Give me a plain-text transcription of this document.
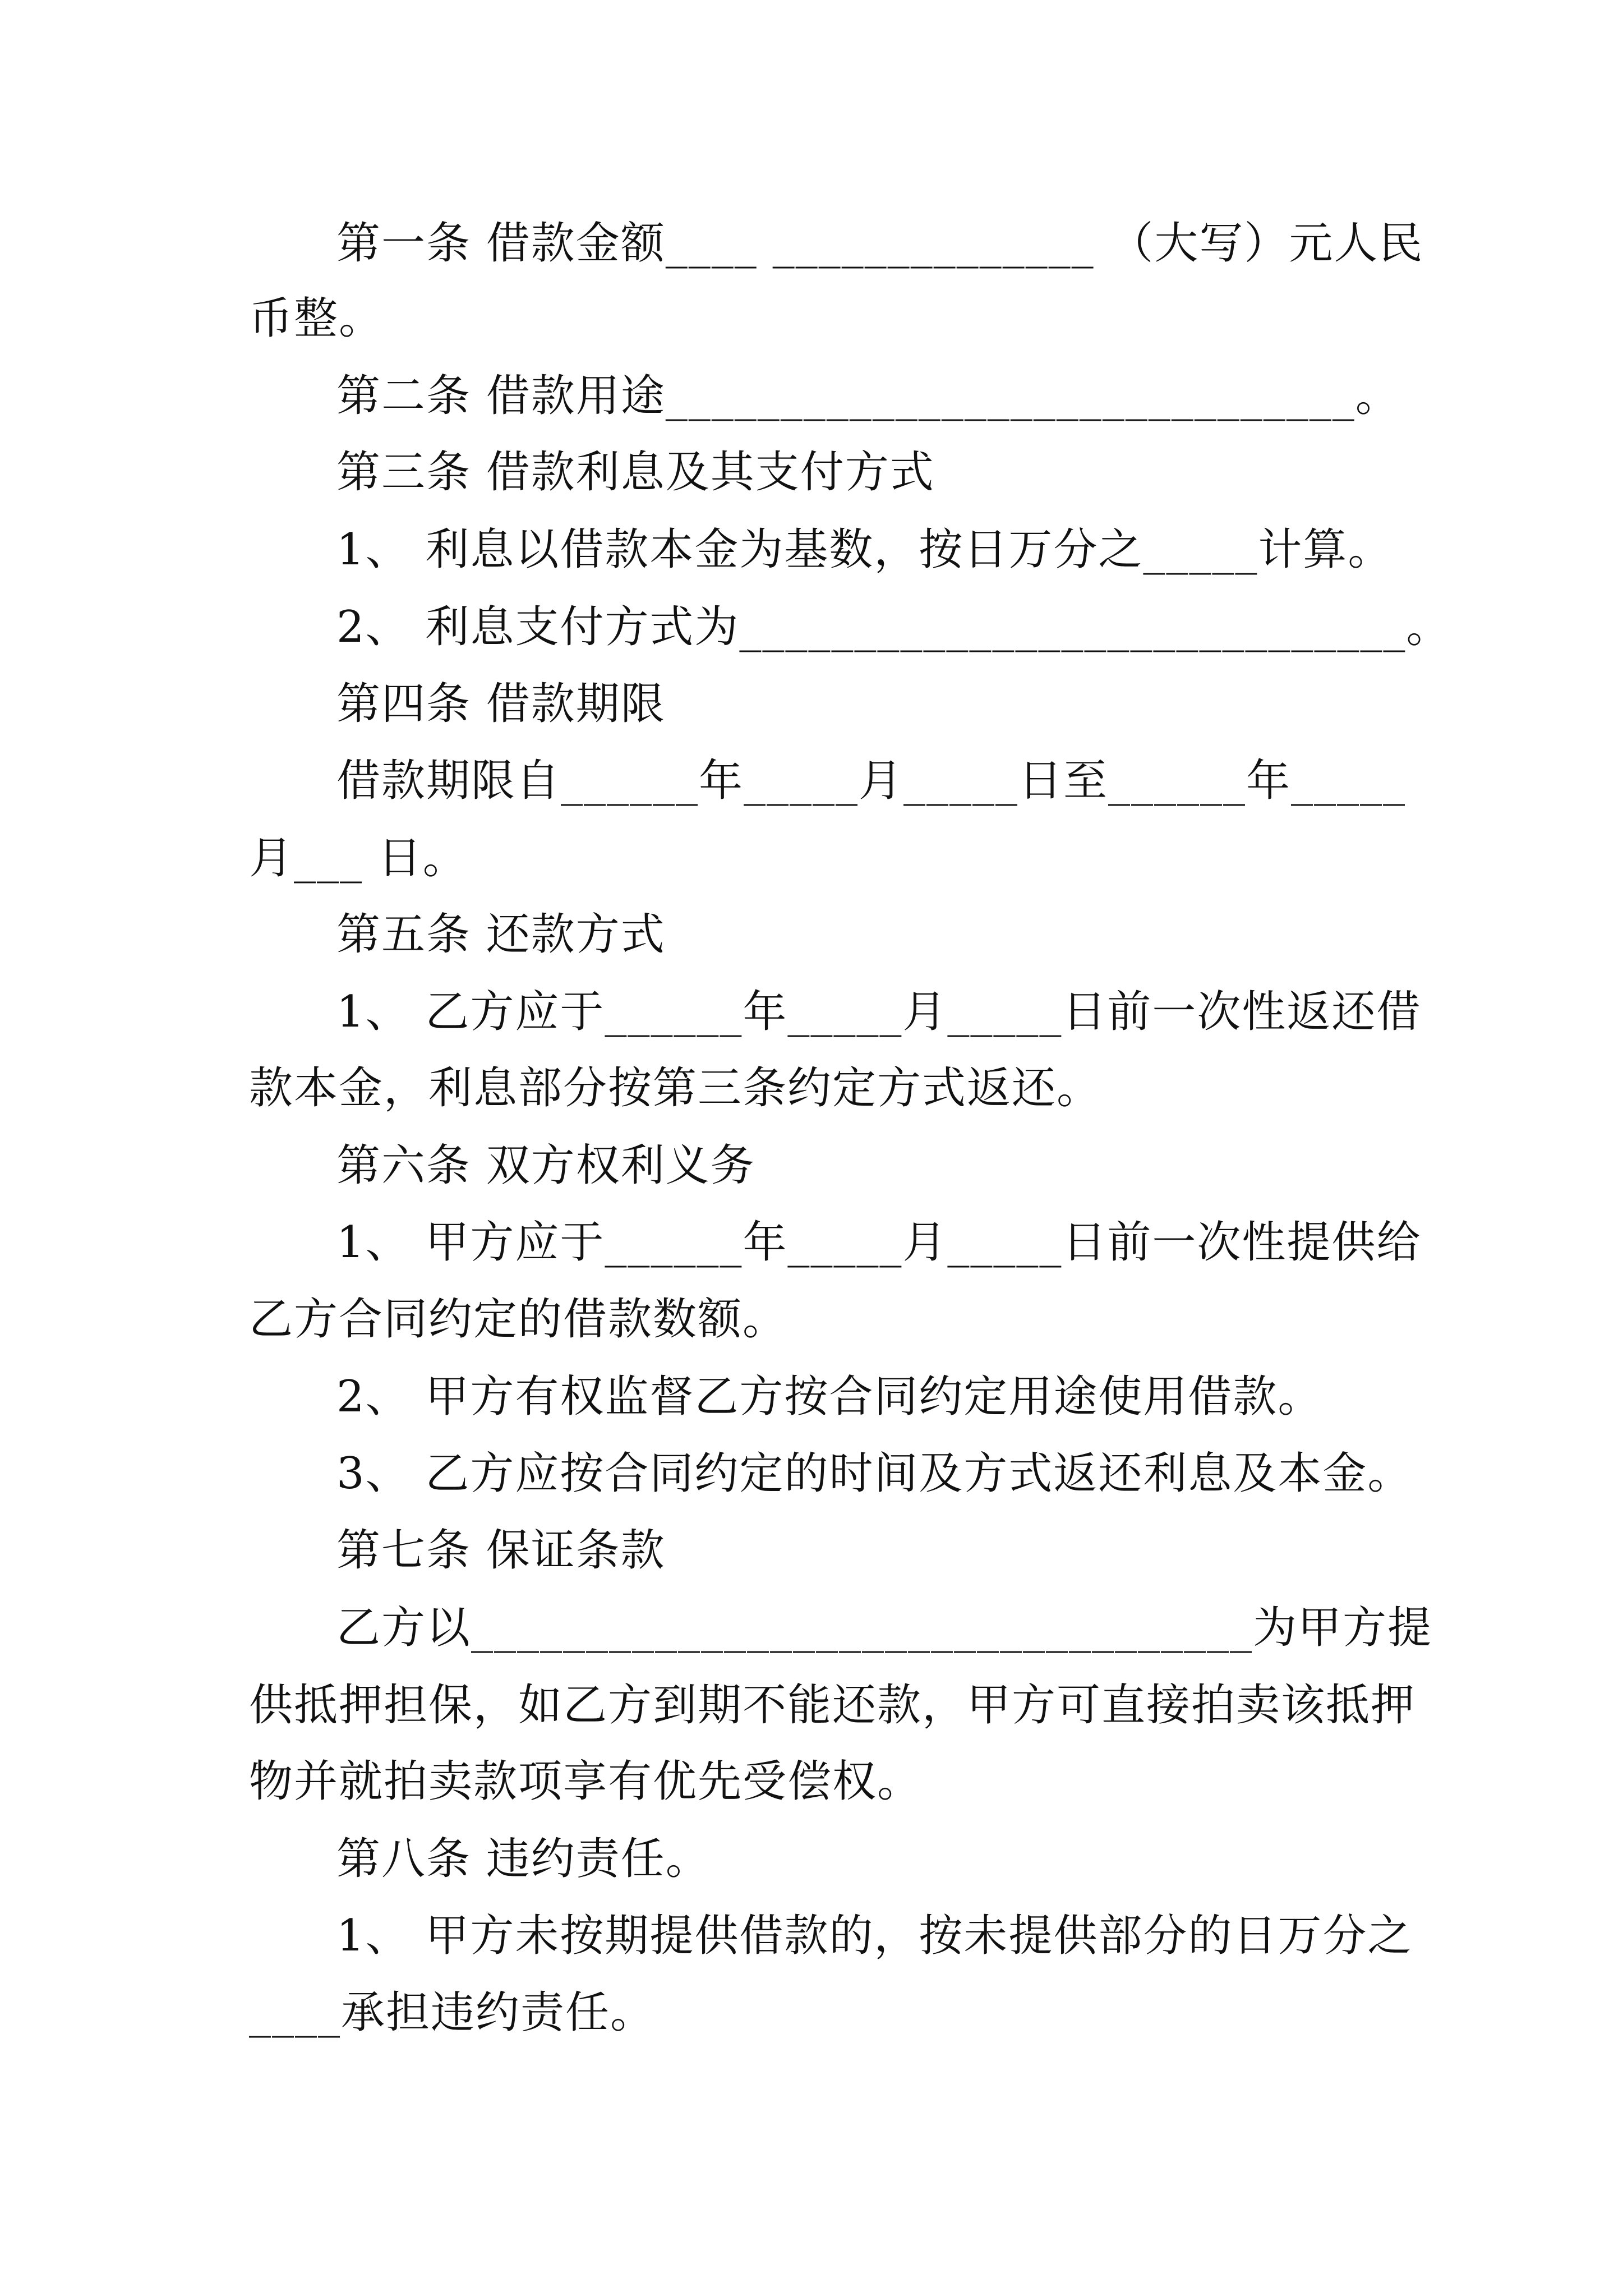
第一条 借款金额____ ______________ （大写）元人民
币整。
第二条 借款用途______________________________。
第三条 借款利息及其支付方式
1、 利息以借款本金为基数，按日万分之_____计算。
2、 利息支付方式为_____________________________。
第四条 借款期限
借款期限自______年_____月_____日至______年_____
月___ 日。
第五条 还款方式
1、 乙方应于______年_____月_____日前一次性返还借
款本金，利息部分按第三条约定方式返还。
第六条 双方权利义务
1、 甲方应于______年_____月_____日前一次性提供给
乙方合同约定的借款数额。
2、 甲方有权监督乙方按合同约定用途使用借款。
3、 乙方应按合同约定的时间及方式返还利息及本金。
第七条 保证条款
乙方以__________________________________为甲方提
供抵押担保，如乙方到期不能还款，甲方可直接拍卖该抵押
物并就拍卖款项享有优先受偿权。
第八条 违约责任。
1、 甲方未按期提供借款的，按未提供部分的日万分之
____承担违约责任。
